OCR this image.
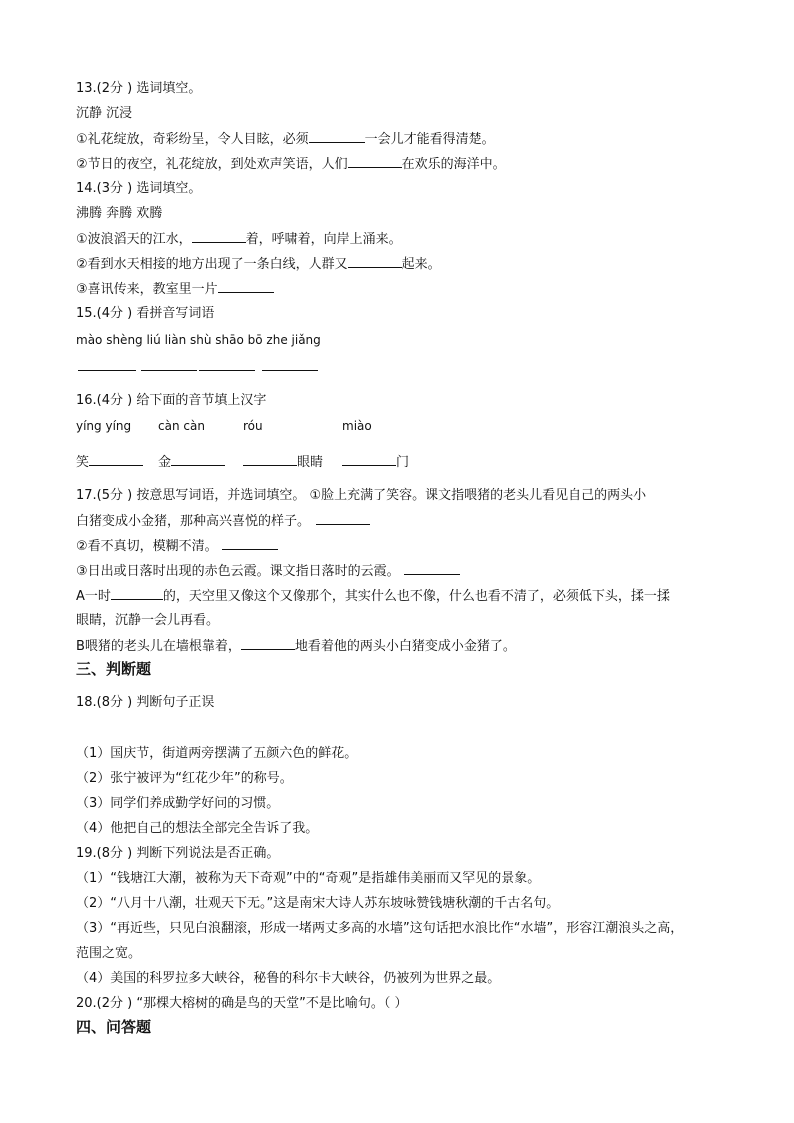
13.(2分 ) 选词填空。
沉静 沉浸
①礼花绽放，奇彩纷呈，令人目眩，必须	一会儿才能看得清楚。
②节日的夜空，礼花绽放，到处欢声笑语，人们	在欢乐的海洋中。
14.(3分 ) 选词填空。
沸腾 奔腾 欢腾
①波浪滔天的江水，	着，呼啸着，向岸上涌来。
②看到水天相接的地方出现了一条白线，人群又	起来。
③喜讯传来，教室里一片
15.(4分 ) 看拼音写词语
mào shèng liú liàn shù shāo bō zhe jiǎng
16.(4分 ) 给下面的音节填上汉字
yíng yíng càn càn	róu	miào
笑	金	眼睛	门
17.(5分 ) 按意思写词语，并选词填空。 ①脸上充满了笑容。课文指喂猪的老头儿看见自己的两头小
白猪变成小金猪，那种高兴喜悦的样子。
②看不真切，模糊不清。
③日出或日落时出现的赤色云霞。课文指日落时的云霞。
A一时	的，天空里又像这个又像那个，其实什么也不像，什么也看不清了，必须低下头，揉一揉
眼睛，沉静一会儿再看。
B喂猪的老头儿在墙根靠着，	地看着他的两头小白猪变成小金猪了。
三、判断题
18.(8分 ) 判断句子正误
（1）国庆节，街道两旁摆满了五颜六色的鲜花。
（2）张宁被评为“红花少年”的称号。
（3）同学们养成勤学好问的习惯。
（4）他把自己的想法全部完全告诉了我。
19.(8分 ) 判断下列说法是否正确。
（1）“钱塘江大潮，被称为天下奇观”中的“奇观”是指雄伟美丽而又罕见的景象。
（2）“八月十八潮，壮观天下无。”这是南宋大诗人苏东坡咏赞钱塘秋潮的千古名句。
（3）“再近些，只见白浪翻滚，形成一堵两丈多高的水墙”这句话把水浪比作“水墙”，形容江潮浪头之高，
范围之宽。
（4）美国的科罗拉多大峡谷，秘鲁的科尔卡大峡谷，仍被列为世界之最。
20.(2分 ) “那棵大榕树的确是鸟的天堂”不是比喻句。（ ）
四、问答题
